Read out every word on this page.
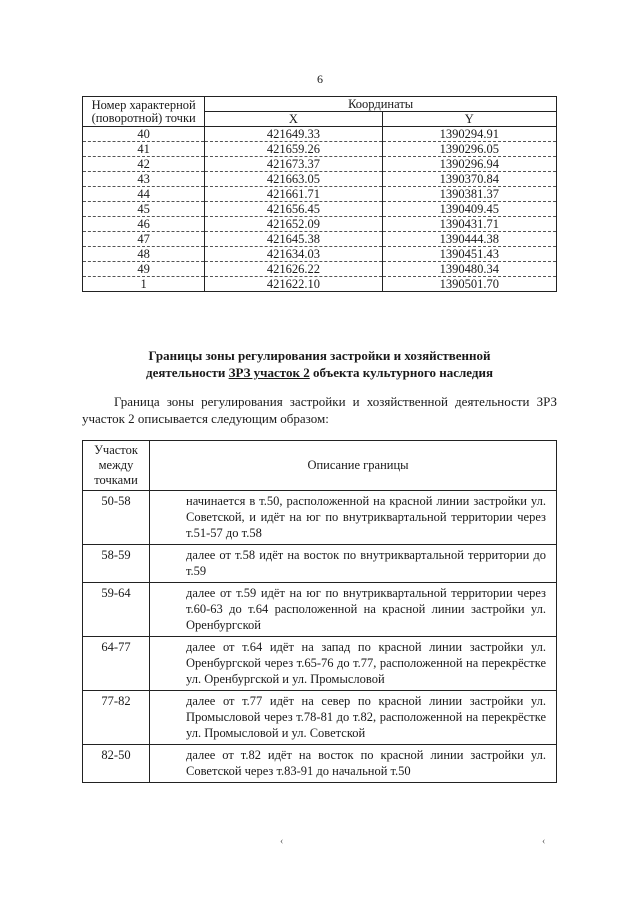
6
Номер характерной (поворотной) точки	Координаты	
	X	Y
40	421649.33	1390294.91
41	421659.26	1390296.05
42	421673.37	1390296.94
43	421663.05	1390370.84
44	421661.71	1390381.37
45	421656.45	1390409.45
46	421652.09	1390431.71
47	421645.38	1390444.38
48	421634.03	1390451.43
49	421626.22	1390480.34
1	421622.10	1390501.70
Границы зоны регулирования застройки и хозяйственной
деятельности ЗРЗ участок 2 объекта культурного наследия
Граница зоны регулирования застройки и хозяйственной деятельности ЗРЗ участок 2 описывается следующим образом:
Участок между точками	Описание границы
50-58	начинается в т.50, расположенной на красной линии застройки ул. Советской, и идёт на юг по внутриквартальной территории через т.51-57 до т.58
58-59	далее от т.58 идёт на восток по внутриквартальной территории до т.59
59-64	далее от т.59 идёт на юг по внутриквартальной территории через т.60-63 до т.64 расположенной на красной линии застройки ул. Оренбургской
64-77	далее от т.64 идёт на запад по красной линии застройки ул. Оренбургской через т.65-76 до т.77, расположенной на перекрёстке ул. Оренбургской и ул. Промысловой
77-82	далее от т.77 идёт на север по красной линии застройки ул. Промысловой через т.78-81 до т.82, расположенной на перекрёстке ул. Промысловой и ул. Советской
82-50	далее от т.82 идёт на восток по красной линии застройки ул. Советской через т.83-91 до начальной т.50
‹	‹
